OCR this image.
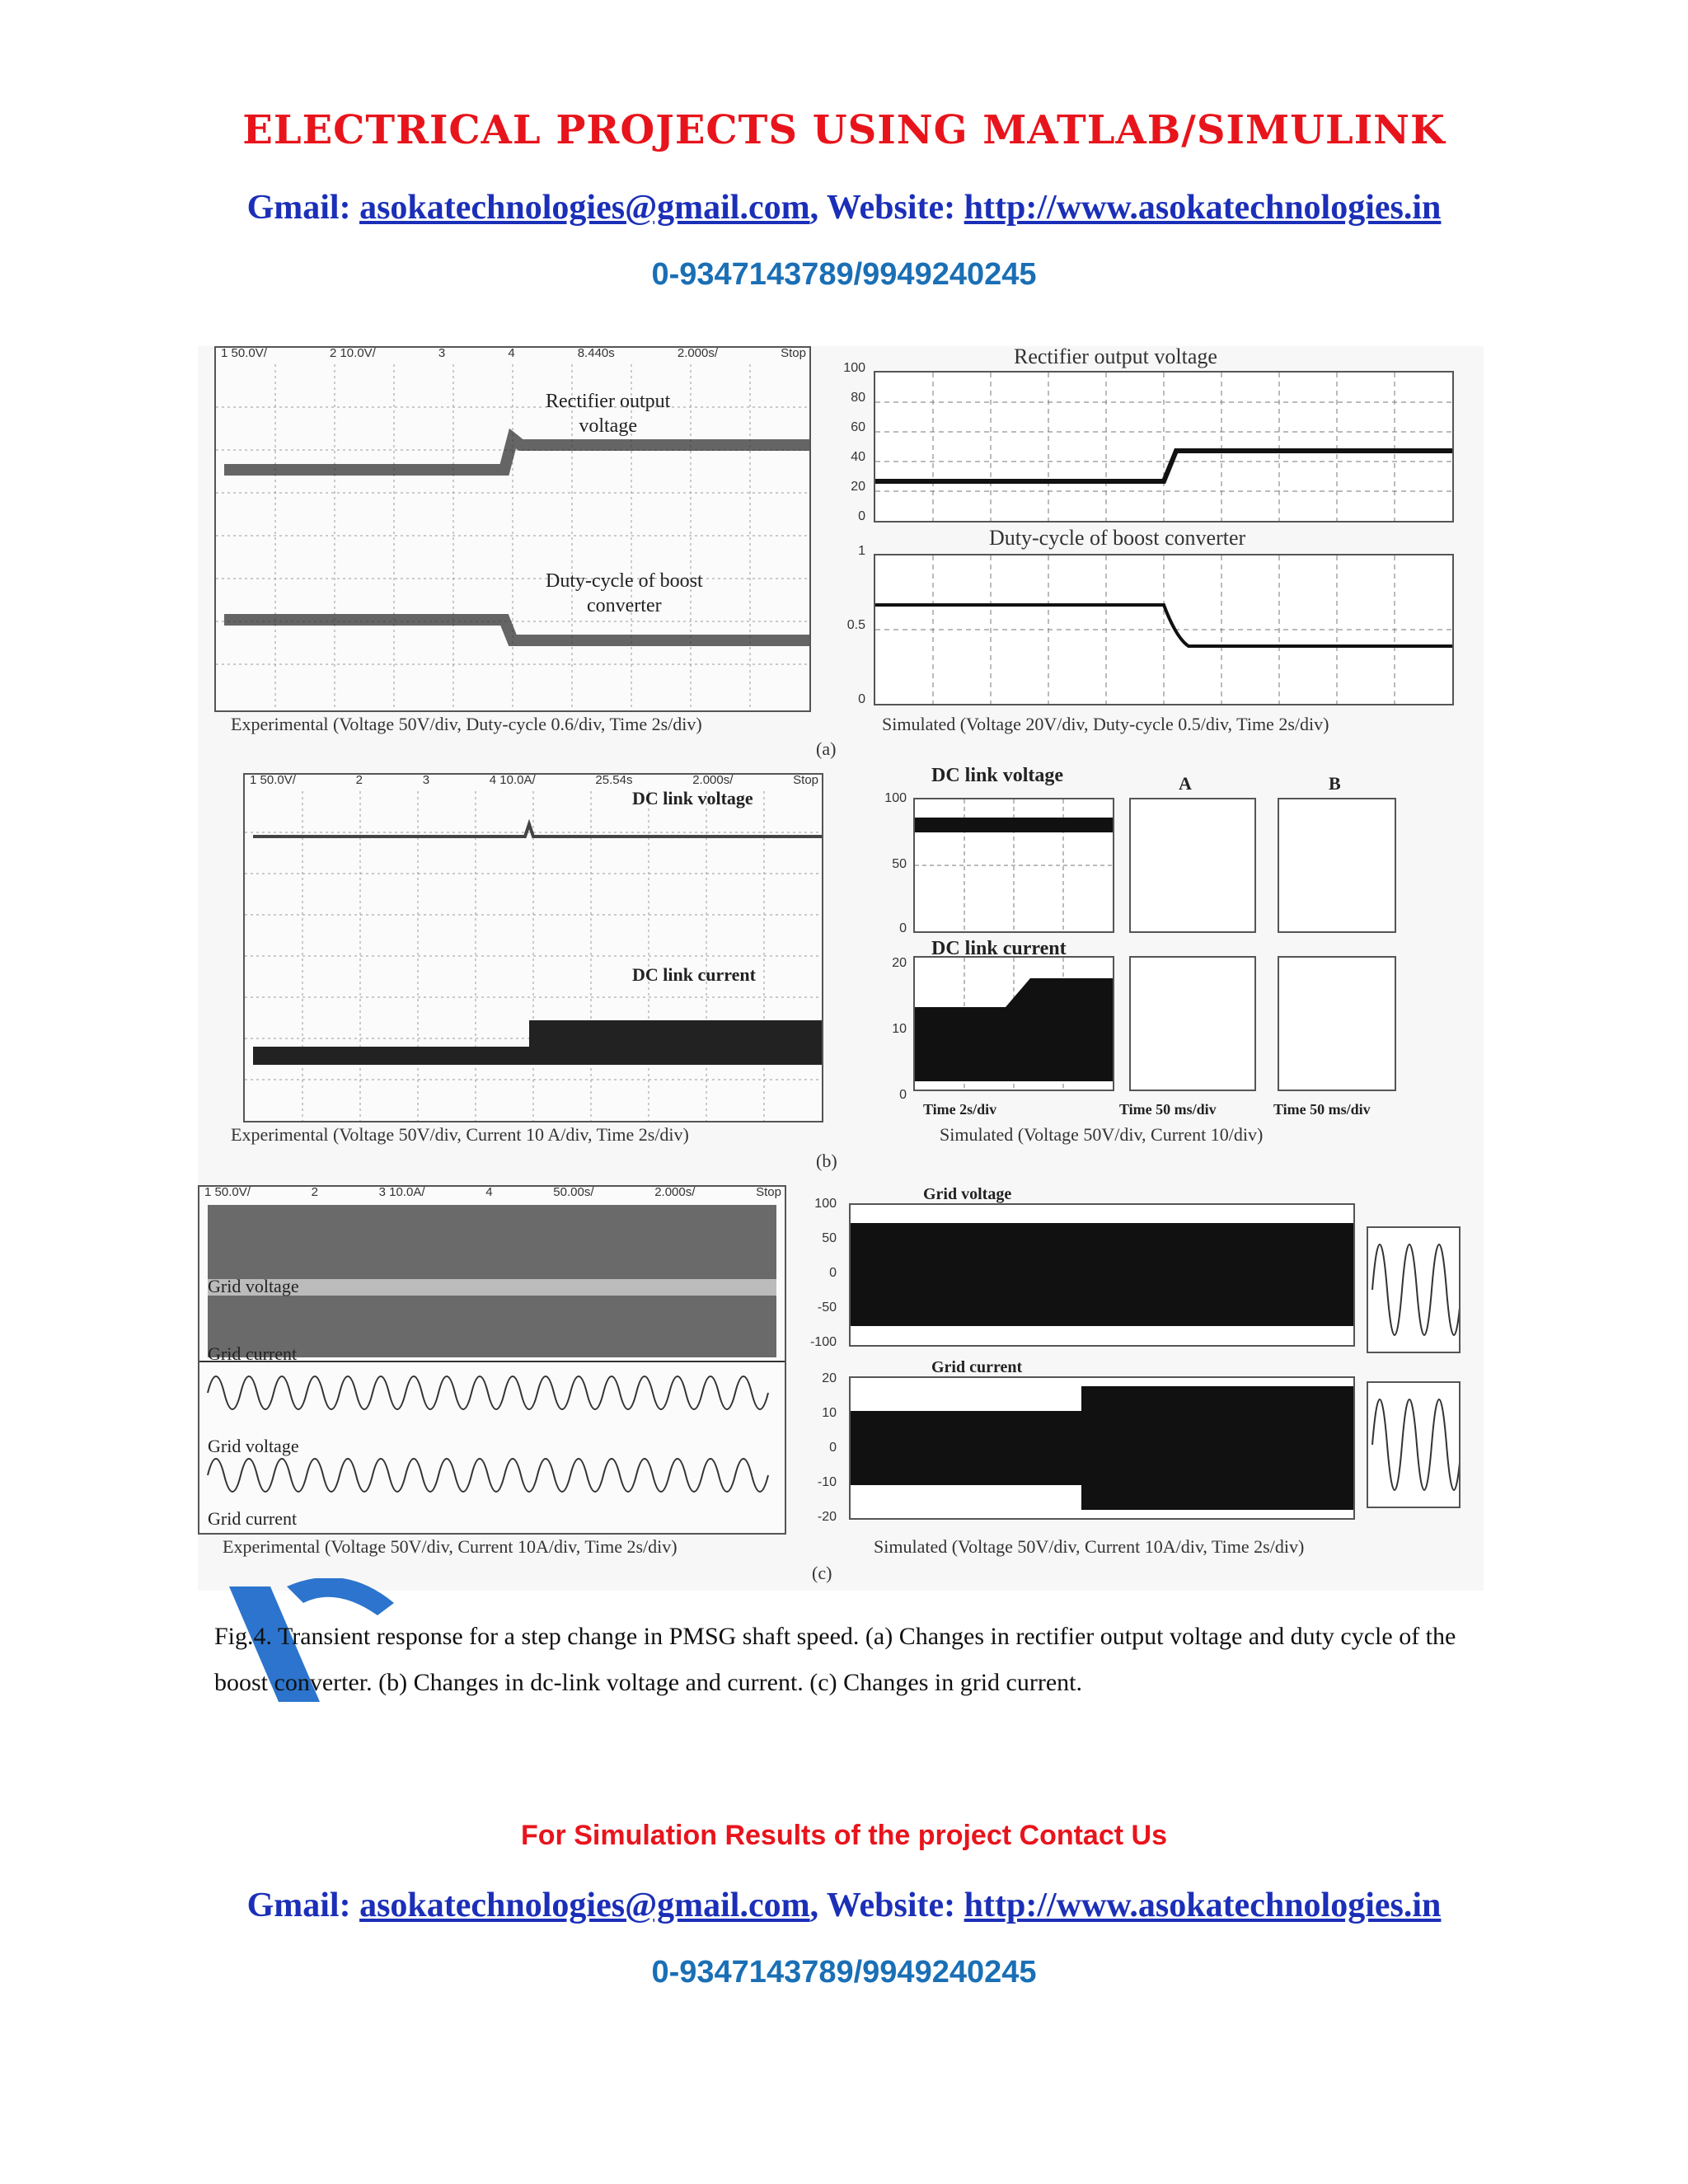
ELECTRICAL PROJECTS USING MATLAB/SIMULINK
Gmail: asokatechnologies@gmail.com, Website: http://www.asokatechnologies.in
0-9347143789/9949240245
1 50.0V/	2 10.0V/	3	4	8.440s	2.000s/	Stop
Rectifier output
voltage
Duty-cycle of boost
converter
Experimental (Voltage 50V/div, Duty-cycle 0.6/div, Time 2s/div)
Rectifier output voltage
100
80
60
40
20
0
Duty-cycle of boost converter
1
0.5
0
Simulated (Voltage 20V/div, Duty-cycle 0.5/div, Time 2s/div)
(a)
1 50.0V/	2	3	4 10.0A/	25.54s	2.000s/	Stop
DC link voltage
DC link current
Experimental (Voltage 50V/div, Current 10 A/div, Time 2s/div)
DC link voltage
DC link current
100
50
0
20
10
0
A	B
Time 2s/div	Time 50 ms/div	Time 50 ms/div
Simulated (Voltage 50V/div, Current 10/div)
(b)
1 50.0V/	2	3 10.0A/	4	50.00s/	2.000s/	Stop
Grid voltage
Grid current
Grid voltage
Grid current
Experimental (Voltage 50V/div, Current 10A/div, Time 2s/div)
Grid voltage
Grid current
100
50
0
-50
-100
20
10
0
-10
-20
Simulated (Voltage 50V/div, Current 10A/div, Time 2s/div)
(c)
Fig.4. Transient response for a step change in PMSG shaft speed. (a) Changes in rectifier output voltage and duty cycle of the boost converter. (b) Changes in dc-link voltage and current. (c) Changes in grid current.
For Simulation Results of the project Contact Us
Gmail: asokatechnologies@gmail.com, Website: http://www.asokatechnologies.in
0-9347143789/9949240245
